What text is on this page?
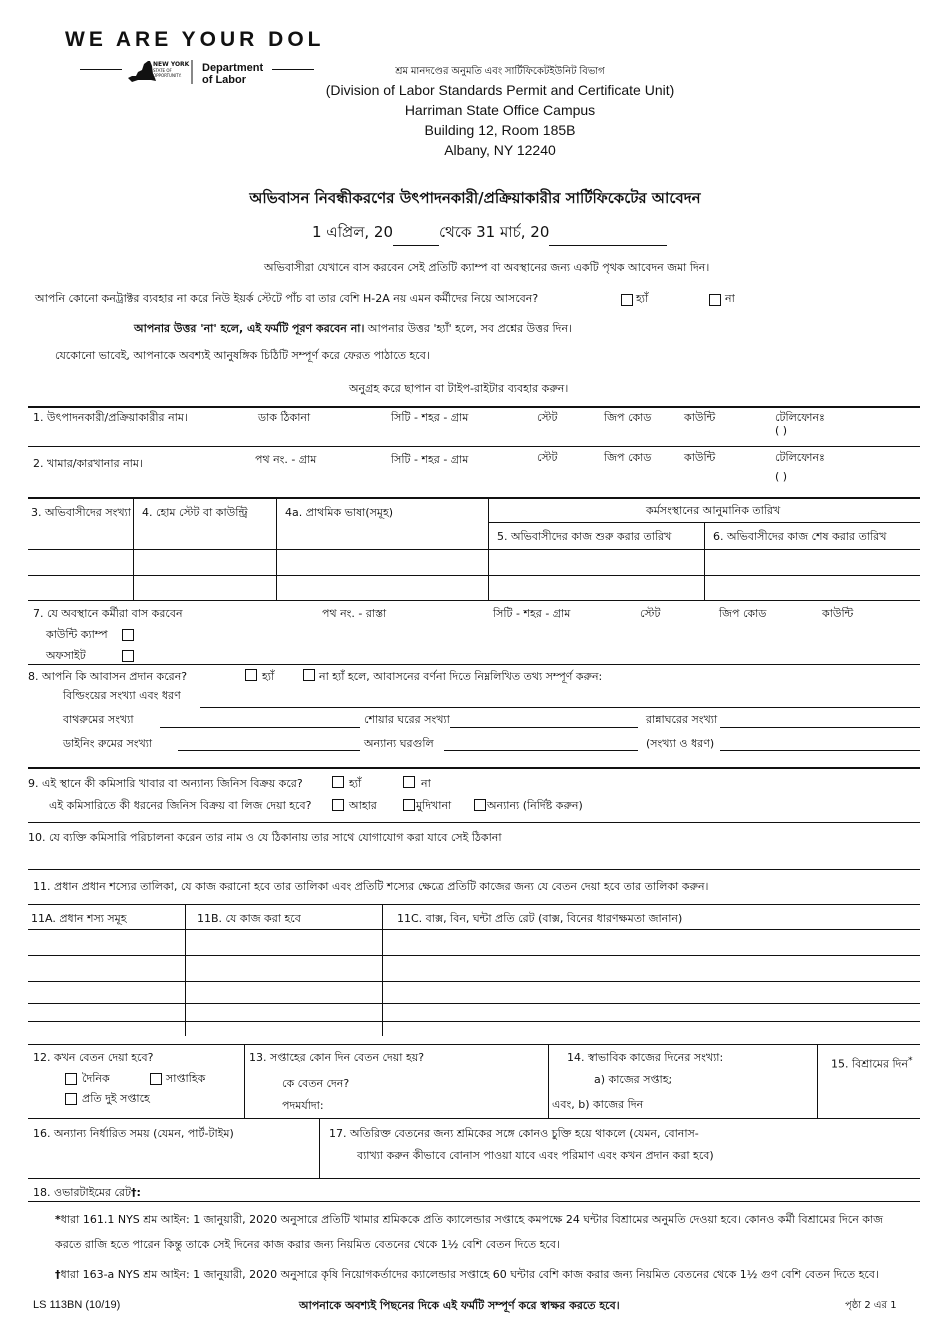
WE ARE YOUR DOL
NEW YORK
STATE OF
OPPORTUNITY.
Department
of Labor
শ্রম মানদণ্ডের অনুমতি এবং সার্টিফিকেটইউনিট বিভাগ
(Division of Labor Standards Permit and Certificate Unit)
Harriman State Office Campus
Building 12, Room 185B
Albany, NY 12240
অভিবাসন নিবন্ধীকরণের উৎপাদনকারী/প্রক্রিয়াকারীর সার্টিফিকেটের আবেদন
1 এপ্রিল, 20	থেকে 31 মার্চ, 20
অভিবাসীরা যেখানে বাস করবেন সেই প্রতিটি ক্যাম্প বা অবস্থানের জন্য একটি পৃথক আবেদন জমা দিন।
আপনি কোনো কনট্রাক্টর ব্যবহার না করে নিউ ইয়র্ক স্টেটে পাঁচ বা তার বেশি H-2A নয় এমন কর্মীদের নিয়ে আসবেন?	হ্যাঁ	না
আপনার উত্তর 'না' হলে, এই ফর্মটি পূরণ করবেন না। আপনার উত্তর 'হ্যাঁ' হলে, সব প্রশ্নের উত্তর দিন।
যেকোনো ভাবেই, আপনাকে অবশ্যই আনুষঙ্গিক চিঠিটি সম্পূর্ণ করে ফেরত পাঠাতে হবে।
অনুগ্রহ করে ছাপান বা টাইপ-রাইটার ব্যবহার করুন।
1. উৎপাদনকারী/প্রক্রিয়াকারীর নাম।	ডাক ঠিকানা	সিটি - শহর - গ্রাম	স্টেট	জিপ কোড	কাউন্টি	টেলিফোনঃ
( )
2. খামার/কারখানার নাম।	পথ নং. - গ্রাম	সিটি - শহর - গ্রাম	স্টেট	জিপ কোড	কাউন্টি	টেলিফোনঃ
( )
3. অভিবাসীদের সংখ্যা 4. হোম স্টেট বা কাউন্ট্রি	4a. প্রাথমিক ভাষা(সমূহ)	কর্মসংস্থানের আনুমানিক তারিখ
5. অভিবাসীদের কাজ শুরু করার তারিখ	6. অভিবাসীদের কাজ শেষ করার তারিখ
7. যে অবস্থানে কর্মীরা বাস করবেন	পথ নং. - রাস্তা	সিটি - শহর - গ্রাম	স্টেট	জিপ কোড	কাউন্টি
কাউন্টি ক্যাম্প
অফসাইট
8. আপনি কি আবাসন প্রদান করেন?	হ্যাঁ	না হ্যাঁ হলে, আবাসনের বর্ণনা দিতে নিম্নলিখিত তথ্য সম্পূর্ণ করুন:
বিল্ডিংয়ের সংখ্যা এবং ধরণ
বাথরুমের সংখ্যা	শোয়ার ঘরের সংখ্যা	রান্নাঘরের সংখ্যা
ডাইনিং রুমের সংখ্যা	অন্যান্য ঘরগুলি	(সংখ্যা ও ধরণ)
9. এই স্থানে কী কমিসারি খাবার বা অন্যান্য জিনিস বিক্রয় করে?	হ্যাঁ	না
এই কমিসারিতে কী ধরনের জিনিস বিক্রয় বা লিজ দেয়া হবে?	আহার	মুদিখানা	অন্যান্য (নির্দিষ্ট করুন)
10. যে ব্যক্তি কমিসারি পরিচালনা করেন তার নাম ও যে ঠিকানায় তার সাথে যোগাযোগ করা যাবে সেই ঠিকানা
11. প্রধান প্রধান শস্যের তালিকা, যে কাজ করানো হবে তার তালিকা এবং প্রতিটি শস্যের ক্ষেত্রে প্রতিটি কাজের জন্য যে বেতন দেয়া হবে তার তালিকা করুন।
11A. প্রধান শস্য সমূহ	11B. যে কাজ করা হবে	11C. বাক্স, বিন, ঘন্টা প্রতি রেট (বাক্স, বিনের ধারণক্ষমতা জানান)
12. কখন বেতন দেয়া হবে?
দৈনিক	সাপ্তাহিক
প্রতি দুই সপ্তাহে
13. সপ্তাহের কোন দিন বেতন দেয়া হয়?
কে বেতন দেন?
পদমর্যাদা:
14. স্বাভাবিক কাজের দিনের সংখ্যা:
a) কাজের সপ্তাহ;
এবং, b) কাজের দিন
15. বিশ্রামের দিন*
16. অন্যান্য নির্ধারিত সময় (যেমন, পার্ট-টাইম)	17. অতিরিক্ত বেতনের জন্য শ্রমিকের সঙ্গে কোনও চুক্তি হয়ে থাকলে (যেমন, বোনাস-
ব্যাখ্যা করুন কীভাবে বোনাস পাওয়া যাবে এবং পরিমাণ এবং কখন প্রদান করা হবে)
18. ওভারটাইমের রেট†:
*ধারা 161.1 NYS শ্রম আইন: 1 জানুয়ারী, 2020 অনুসারে প্রতিটি খামার শ্রমিককে প্রতি ক্যালেন্ডার সপ্তাহে কমপক্ষে 24 ঘন্টার বিশ্রামের অনুমতি দেওয়া হবে। কোনও কর্মী বিশ্রামের দিনে কাজ
করতে রাজি হতে পারেন কিন্তু তাকে সেই দিনের কাজ করার জন্য নিয়মিত বেতনের থেকে 1½ বেশি বেতন দিতে হবে।
†ধারা 163-a NYS শ্রম আইন: 1 জানুয়ারী, 2020 অনুসারে কৃষি নিয়োগকর্তাদের ক্যালেন্ডার সপ্তাহে 60 ঘন্টার বেশি কাজ করার জন্য নিয়মিত বেতনের থেকে 1½ গুণ বেশি বেতন দিতে হবে।
LS 113BN (10/19)	আপনাকে অবশ্যই পিছনের দিকে এই ফর্মটি সম্পূর্ণ করে স্বাক্ষর করতে হবে।	পৃষ্ঠা 2 এর 1
